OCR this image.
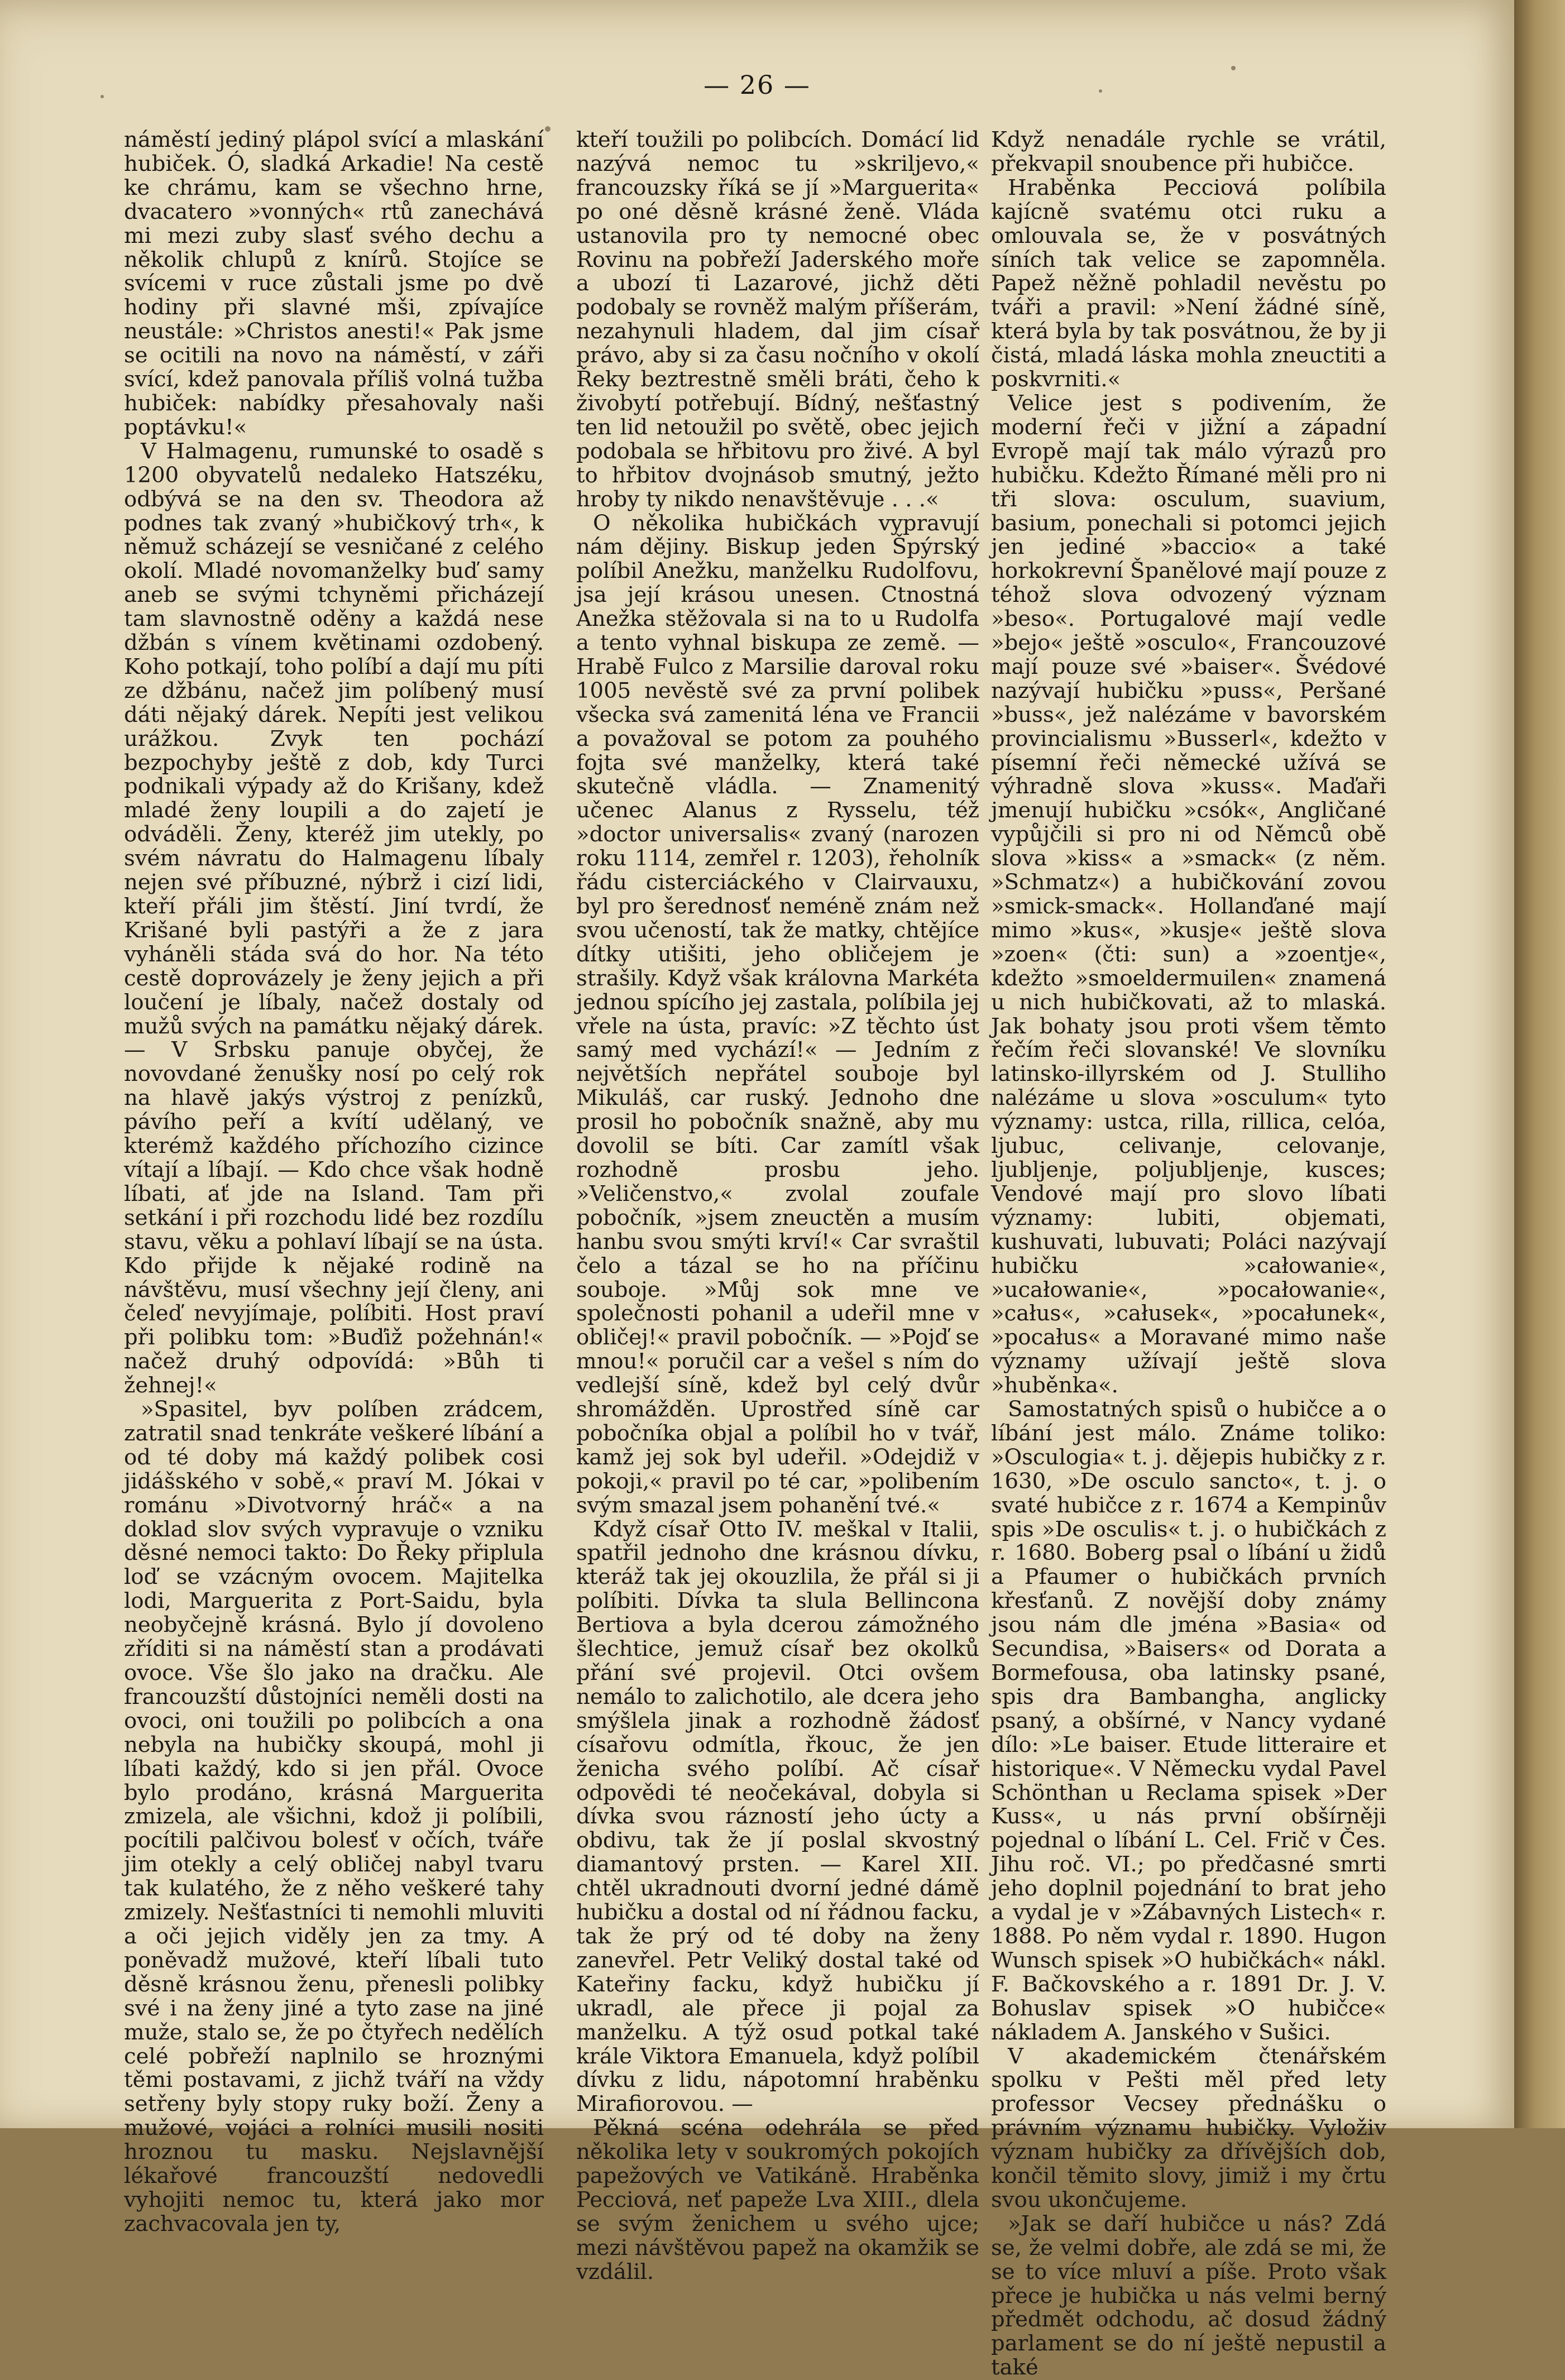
— 26 —

náměstí jediný plápol svící a mlaskání hubiček. Ó, sladká Arkadie! Na cestě ke chrámu, kam se všechno hrne, dvacatero »vonných« rtů zanechává mi mezi zuby slasť svého dechu a několik chlupů z knírů. Stojíce se svícemi v ruce zůstali jsme po dvě hodiny při slavné mši, zpívajíce neustále: »Christos anesti!« Pak jsme se ocitili na novo na náměstí, v záři svící, kdež panovala příliš volná tužba hubiček: nabídky přesahovaly naši poptávku!«

V Halmagenu, rumunské to osadě s 1200 obyvatelů nedaleko Hatszéku, odbývá se na den sv. Theodora až podnes tak zvaný »hubičkový trh«, k němuž scházejí se vesničané z celého okolí. Mladé novomanželky buď samy aneb se svými tchyněmi přicházejí tam slavnostně oděny a každá nese džbán s vínem květinami ozdobený. Koho potkají, toho políbí a dají mu píti ze džbánu, načež jim políbený musí dáti nějaký dárek. Nepíti jest velikou urážkou. Zvyk ten pochází bezpochyby ještě z dob, kdy Turci podnikali výpady až do Krišany, kdež mladé ženy loupili a do zajetí je odváděli. Ženy, kteréž jim utekly, po svém návratu do Halmagenu líbaly nejen své příbuzné, nýbrž i cizí lidi, kteří přáli jim štěstí. Jiní tvrdí, že Krišané byli pastýři a že z jara vyháněli stáda svá do hor. Na této cestě doprovázely je ženy jejich a při loučení je líbaly, načež dostaly od mužů svých na památku nějaký dárek. — V Srbsku panuje obyčej, že novovdané ženušky nosí po celý rok na hlavě jakýs výstroj z penízků, pávího peří a kvítí udělaný, ve kterémž každého příchozího cizince vítají a líbají. — Kdo chce však hodně líbati, ať jde na Island. Tam při setkání i při rozchodu lidé bez rozdílu stavu, věku a pohlaví líbají se na ústa. Kdo přijde k nějaké rodině na návštěvu, musí všechny její členy, ani čeleď nevyjímaje, políbiti. Host praví při polibku tom: »Buďiž požehnán!« načež druhý odpovídá: »Bůh ti žehnej!«

»Spasitel, byv políben zrádcem, zatratil snad tenkráte veškeré líbání a od té doby má každý polibek cosi jidášského v sobě,« praví M. Jókai v románu »Divotvorný hráč« a na doklad slov svých vypravuje o vzniku děsné nemoci takto: Do Řeky připlula loď se vzácným ovocem. Majitelka lodi, Marguerita z Port-Saidu, byla neobyčejně krásná. Bylo jí dovoleno zříditi si na náměstí stan a prodávati ovoce. Vše šlo jako na dračku. Ale francouzští důstojníci neměli dosti na ovoci, oni toužili po polibcích a ona nebyla na hubičky skoupá, mohl ji líbati každý, kdo si jen přál. Ovoce bylo prodáno, krásná Marguerita zmizela, ale všichni, kdož ji políbili, pocítili palčivou bolesť v očích, tváře jim otekly a celý obličej nabyl tvaru tak kulatého, že z něho veškeré tahy zmizely. Nešťastníci ti nemohli mluviti a oči jejich viděly jen za tmy. A poněvadž mužové, kteří líbali tuto děsně krásnou ženu, přenesli polibky své i na ženy jiné a tyto zase na jiné muže, stalo se, že po čtyřech nedělích celé pobřeží naplnilo se hroznými těmi postavami, z jichž tváří na vždy setřeny byly stopy ruky boží. Ženy a mužové, vojáci a rolníci musili nositi hroznou tu masku. Nejslavnější lékařové francouzští nedovedli vyhojiti nemoc tu, která jako mor zachvacovala jen ty,

kteří toužili po polibcích. Domácí lid nazývá nemoc tu »skriljevo,« francouzsky říká se jí »Marguerita« po oné děsně krásné ženě. Vláda ustanovila pro ty nemocné obec Rovinu na pobřeží Jaderského moře a ubozí ti Lazarové, jichž děti podobaly se rovněž malým příšerám, nezahynuli hladem, dal jim císař právo, aby si za času nočního v okolí Řeky beztrestně směli bráti, čeho k živobytí potřebují. Bídný, nešťastný ten lid netoužil po světě, obec jejich podobala se hřbitovu pro živé. A byl to hřbitov dvojnásob smutný, ježto hroby ty nikdo nenavštěvuje . . .«

O několika hubičkách vypravují nám dějiny. Biskup jeden Špýrský políbil Anežku, manželku Rudolfovu, jsa její krásou unesen. Ctnostná Anežka stěžovala si na to u Rudolfa a tento vyhnal biskupa ze země. — Hrabě Fulco z Marsilie daroval roku 1005 nevěstě své za první polibek všecka svá zamenitá léna ve Francii a považoval se potom za pouhého fojta své manželky, která také skutečně vládla. — Znamenitý učenec Alanus z Rysselu, též »doctor universalis« zvaný (narozen roku 1114, zemřel r. 1203), řeholník řádu cisterciáckého v Clairvauxu, byl pro šerednosť neméně znám než svou učeností, tak že matky, chtějíce dítky utišiti, jeho obličejem je strašily. Když však královna Markéta jednou spícího jej zastala, políbila jej vřele na ústa, pravíc: »Z těchto úst samý med vychází!« — Jedním z největších nepřátel souboje byl Mikuláš, car ruský. Jednoho dne prosil ho pobočník snažně, aby mu dovolil se bíti. Car zamítl však rozhodně prosbu jeho. »Veličenstvo,« zvolal zoufale pobočník, »jsem zneuctěn a musím hanbu svou smýti krví!« Car svraštil čelo a tázal se ho na příčinu souboje. »Můj sok mne ve společnosti pohanil a udeřil mne v obličej!« pravil pobočník. — »Pojď se mnou!« poručil car a vešel s ním do vedlejší síně, kdež byl celý dvůr shromážděn. Uprostřed síně car pobočníka objal a políbil ho v tvář, kamž jej sok byl udeřil. »Odejdiž v pokoji,« pravil po té car, »polibením svým smazal jsem pohanění tvé.«

Když císař Otto IV. meškal v Italii, spatřil jednoho dne krásnou dívku, kteráž tak jej okouzlila, že přál si ji políbiti. Dívka ta slula Bellincona Bertiova a byla dcerou zámožného šlechtice, jemuž císař bez okolků přání své projevil. Otci ovšem nemálo to zalichotilo, ale dcera jeho smýšlela jinak a rozhodně žádosť císařovu odmítla, řkouc, že jen ženicha svého políbí. Ač císař odpovědi té neočekával, dobyla si dívka svou rázností jeho úcty a obdivu, tak že jí poslal skvostný diamantový prsten. — Karel XII. chtěl ukradnouti dvorní jedné dámě hubičku a dostal od ní řádnou facku, tak že prý od té doby na ženy zanevřel. Petr Veliký dostal také od Kateřiny facku, když hubičku jí ukradl, ale přece ji pojal za manželku. A týž osud potkal také krále Viktora Emanuela, když políbil dívku z lidu, nápotomní hraběnku Mirafiorovou. —

Pěkná scéna odehrála se před několika lety v soukromých pokojích papežových ve Vatikáně. Hraběnka Pecciová, neť papeže Lva XIII., dlela se svým ženichem u svého ujce; mezi návštěvou papež na okamžik se vzdálil.

Když nenadále rychle se vrátil, překvapil snoubence při hubičce.

Hraběnka Pecciová políbila kajícně svatému otci ruku a omlouvala se, že v posvátných síních tak velice se zapomněla. Papež něžně pohladil nevěstu po tváři a pravil: »Není žádné síně, která byla by tak posvátnou, že by ji čistá, mladá láska mohla zneuctiti a poskvrniti.«

Velice jest s podivením, že moderní řeči v jižní a západní Evropě mají tak málo výrazů pro hubičku. Kdežto Římané měli pro ni tři slova: osculum, suavium, basium, ponechali si potomci jejich jen jediné »baccio« a také horkokrevní Španělové mají pouze z téhož slova odvozený význam »beso«. Portugalové mají vedle »bejo« ještě »osculo«, Francouzové mají pouze své »baiser«. Švédové nazývají hubičku »puss«, Peršané »buss«, jež nalézáme v bavorském provincialismu »Busserl«, kdežto v písemní řeči německé užívá se výhradně slova »kuss«. Maďaři jmenují hubičku »csók«, Angličané vypůjčili si pro ni od Němců obě slova »kiss« a »smack« (z něm. »Schmatz«) a hubičkování zovou »smick-smack«. Hollanďané mají mimo »kus«, »kusje« ještě slova »zoen« (čti: sun) a »zoentje«, kdežto »smoeldermuilen« znamená u nich hubičkovati, až to mlaská. Jak bohaty jsou proti všem těmto řečím řeči slovanské! Ve slovníku latinsko-illyrském od J. Stulliho nalézáme u slova »osculum« tyto významy: ustca, rilla, rillica, celóa, ljubuc, celivanje, celovanje, ljubljenje, poljubljenje, kusces; Vendové mají pro slovo líbati významy: lubiti, objemati, kushuvati, lubuvati; Poláci nazývají hubičku »całowanie«, »ucałowanie«, »pocałowanie«, »całus«, »całusek«, »pocałunek«, »pocałus« a Moravané mimo naše významy užívají ještě slova »huběnka«.

Samostatných spisů o hubičce a o líbání jest málo. Známe toliko: »Osculogia« t. j. dějepis hubičky z r. 1630, »De osculo sancto«, t. j. o svaté hubičce z r. 1674 a Kempinův spis »De osculis« t. j. o hubičkách z r. 1680. Boberg psal o líbání u židů a Pfaumer o hubičkách prvních křesťanů. Z novější doby známy jsou nám dle jména »Basia« od Secundisa, »Baisers« od Dorata a Bormefousa, oba latinsky psané, spis dra Bambangha, anglicky psaný, a obšírné, v Nancy vydané dílo: »Le baiser. Etude litteraire et historique«. V Německu vydal Pavel Schönthan u Reclama spisek »Der Kuss«, u nás první obšírněji pojednal o líbání L. Cel. Frič v Čes. Jihu roč. VI.; po předčasné smrti jeho doplnil pojednání to brat jeho a vydal je v »Zábavných Listech« r. 1888. Po něm vydal r. 1890. Hugon Wunsch spisek »O hubičkách« nákl. F. Bačkovského a r. 1891 Dr. J. V. Bohuslav spisek »O hubičce« nákladem A. Janského v Sušici.

V akademickém čtenářském spolku v Pešti měl před lety professor Vecsey přednášku o právním významu hubičky. Vyloživ význam hubičky za dřívějších dob, končil těmito slovy, jimiž i my črtu svou ukončujeme.

»Jak se daří hubičce u nás? Zdá se, že velmi dobře, ale zdá se mi, že se to více mluví a píše. Proto však přece je hubička u nás velmi berný předmět odchodu, ač dosud žádný parlament se do ní ještě nepustil a také
